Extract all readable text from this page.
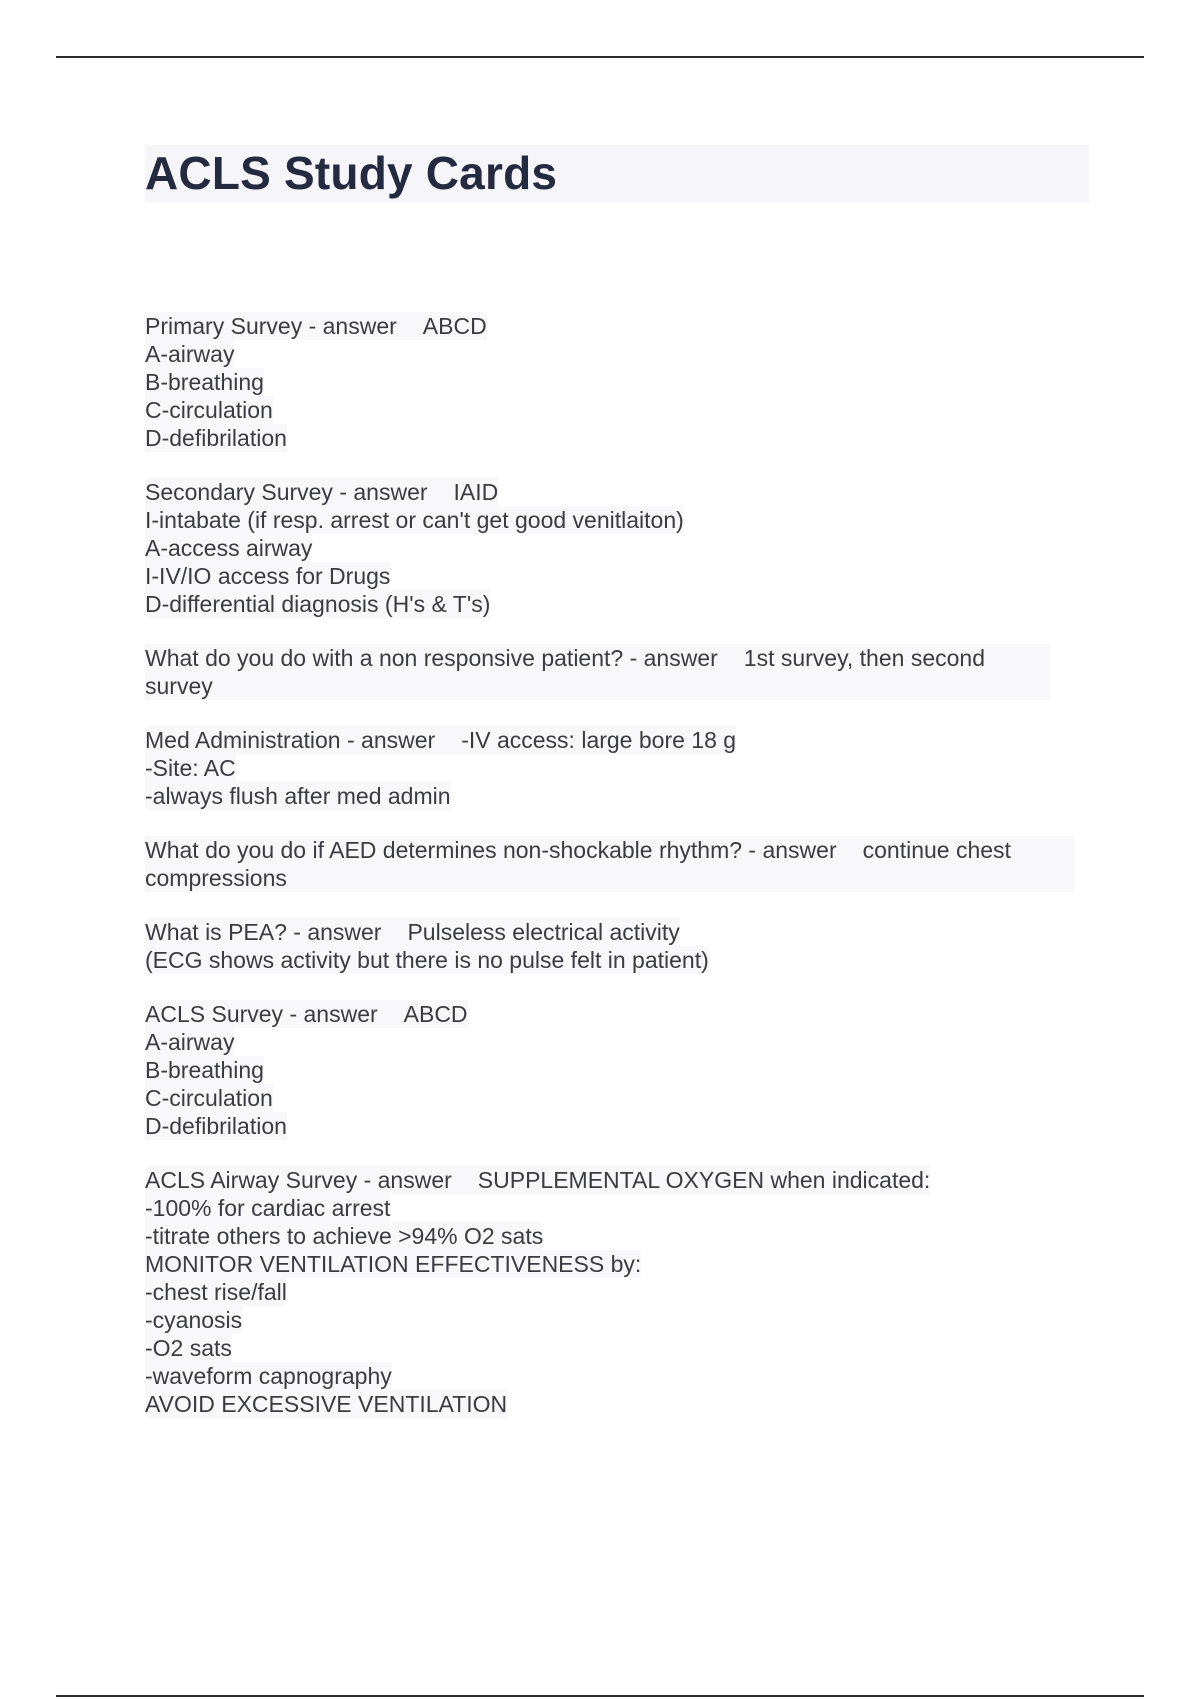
ACLS Study Cards
Primary Survey - answer ABCD
A-airway
B-breathing
C-circulation
D-defibrilation
Secondary Survey - answer IAID
I-intabate (if resp. arrest or can't get good venitlaiton)
A-access airway
I-IV/IO access for Drugs
D-differential diagnosis (H's & T's)
What do you do with a non responsive patient? - answer 1st survey, then second survey
Med Administration - answer -IV access: large bore 18 g
-Site: AC
-always flush after med admin
What do you do if AED determines non-shockable rhythm? - answer continue chest compressions
What is PEA? - answer Pulseless electrical activity
(ECG shows activity but there is no pulse felt in patient)
ACLS Survey - answer ABCD
A-airway
B-breathing
C-circulation
D-defibrilation
ACLS Airway Survey - answer SUPPLEMENTAL OXYGEN when indicated:
-100% for cardiac arrest
-titrate others to achieve >94% O2 sats
MONITOR VENTILATION EFFECTIVENESS by:
-chest rise/fall
-cyanosis
-O2 sats
-waveform capnography
AVOID EXCESSIVE VENTILATION
